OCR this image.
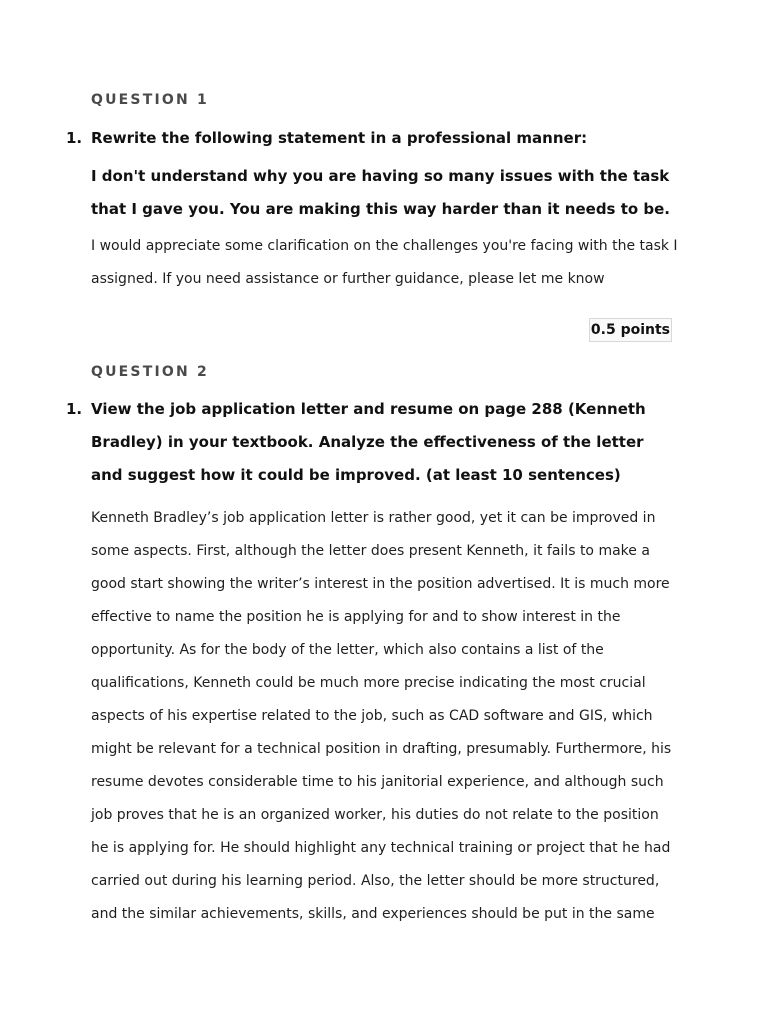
QUESTION 1
1. Rewrite the following statement in a professional manner:

I don't understand why you are having so many issues with the task that I gave you. You are making this way harder than it needs to be.

I would appreciate some clarification on the challenges you're facing with the task I assigned. If you need assistance or further guidance, please let me know

0.5 points
QUESTION 2
1. View the job application letter and resume on page 288 (Kenneth Bradley) in your textbook. Analyze the effectiveness of the letter and suggest how it could be improved. (at least 10 sentences)

Kenneth Bradley’s job application letter is rather good, yet it can be improved in some aspects. First, although the letter does present Kenneth, it fails to make a good start showing the writer’s interest in the position advertised. It is much more effective to name the position he is applying for and to show interest in the opportunity. As for the body of the letter, which also contains a list of the qualifications, Kenneth could be much more precise indicating the most crucial aspects of his expertise related to the job, such as CAD software and GIS, which might be relevant for a technical position in drafting, presumably. Furthermore, his resume devotes considerable time to his janitorial experience, and although such job proves that he is an organized worker, his duties do not relate to the position he is applying for. He should highlight any technical training or project that he had carried out during his learning period. Also, the letter should be more structured, and the similar achievements, skills, and experiences should be put in the same
